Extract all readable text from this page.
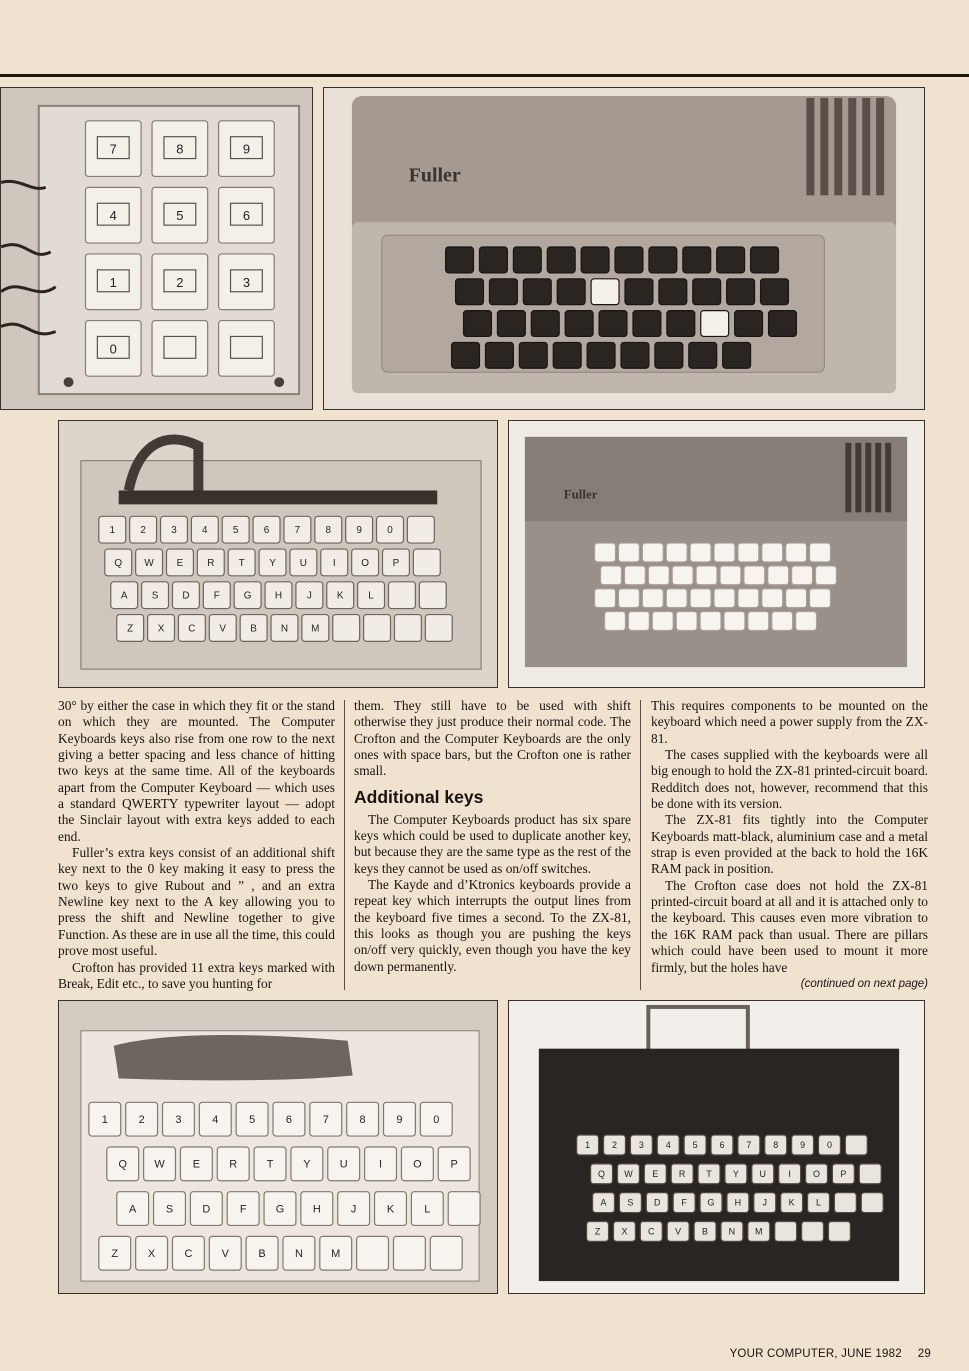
7	8	9
4	5	6
1	2	3
0
Fuller
1	2	3	4	5	6	7	8	9	0
Q W E R T Y U	I	O P
A S D F G H J	K L
Z X C V B N M
Fuller

30° by either the case in which they fit or the stand on which they are mounted. The Computer Keyboards keys also rise from one row to the next giving a better spacing and less chance of hitting two keys at the same time. All of the keyboards apart from the Computer Keyboard — which uses a standard QWERTY typewriter layout — adopt the Sinclair layout with extra keys added to each end.

Fuller’s extra keys consist of an additional shift key next to the 0 key making it easy to press the two keys to give Rubout and ” , and an extra Newline key next to the A key allowing you to press the shift and Newline together to give Function. As these are in use all the time, this could prove most useful.

Crofton has provided 11 extra keys marked with Break, Edit etc., to save you hunting for

them. They still have to be used with shift otherwise they just produce their normal code. The Crofton and the Computer Keyboards are the only ones with space bars, but the Crofton one is rather small.

Additional keys

The Computer Keyboards product has six spare keys which could be used to duplicate another key, but because they are the same type as the rest of the keys they cannot be used as on/off switches.

The Kayde and d’Ktronics keyboards provide a repeat key which interrupts the output lines from the keyboard five times a second. To the ZX-81, this looks as though you are pushing the keys on/off very quickly, even though you have the key down permanently.

This requires components to be mounted on the keyboard which need a power supply from the ZX-81.

The cases supplied with the keyboards were all big enough to hold the ZX-81 printed-circuit board. Redditch does not, however, recommend that this be done with its version.

The ZX-81 fits tightly into the Computer Keyboards matt-black, aluminium case and a metal strap is even provided at the back to hold the 16K RAM pack in position.

The Crofton case does not hold the ZX-81 printed-circuit board at all and it is attached only to the keyboard. This causes even more vibration to the 16K RAM pack than usual. There are pillars which could have been used to mount it more firmly, but the holes have

(continued on next page)
1	2	3	4	5	6	7	8	9	0
Q W	E	R	T	Y	U	I	O	P
A	S	D	F	G	H	J	K	L
Z	X	C	V	B	N	M
1 2 3 4 5 6 7 8 9 0
Q W E R T Y U I O P
A S D F G H J K L
Z X C V B N M
YOUR COMPUTER, JUNE 1982 29
